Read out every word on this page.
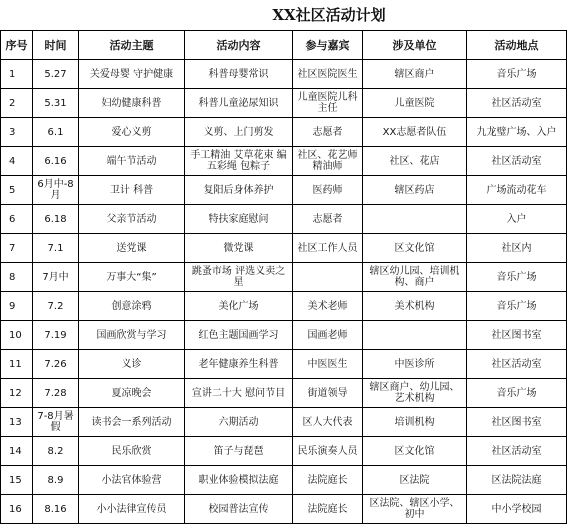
XX社区活动计划
序号	时间	活动主题	活动内容	参与嘉宾	涉及单位	活动地点
1	5.27	关爱母婴 守护健康	科普母婴常识	社区医院医生	辖区商户	音乐广场
2	5.31	妇幼健康科普	科普儿童泌尿知识	儿童医院儿科主任	儿童医院	社区活动室
3	6.1	爱心义剪	义剪、上门剪发	志愿者	XX志愿者队伍	九龙璧广场、入户
4	6.16	端午节活动	手工精油 艾草花束 编五彩绳 包粽子	社区、花艺师 精油师	社区、花店	社区活动室
5	6月中-8月	卫计 科普	复阳后身体养护	医药师	辖区药店	广场流动花车
6	6.18	父亲节活动	特扶家庭慰问	志愿者		入户
7	7.1	送党课	微党课	社区工作人员	区文化馆	社区内
8	7月中	万事大“集”	跳蚤市场 评选义卖之星		辖区幼儿园、培训机构、商户	音乐广场
9	7.2	创意涂鸦	美化广场	美术老师	美术机构	音乐广场
10	7.19	国画欣赏与学习	红色主题国画学习	国画老师		社区图书室
11	7.26	义诊	老年健康养生科普	中医医生	中医诊所	社区活动室
12	7.28	夏凉晚会	宣讲二十大 慰问节目	街道领导	辖区商户、幼儿园、艺术机构	音乐广场
13	7-8月暑假	读书会一系列活动	六期活动	区人大代表	培训机构	社区图书室
14	8.2	民乐欣赏	笛子与琵琶	民乐演奏人员	区文化馆	社区活动室
15	8.9	小法官体验营	职业体验模拟法庭	法院庭长	区法院	区法院法庭
16	8.16	小小法律宣传员	校园普法宣传	法院庭长	区法院、辖区小学、初中	中小学校园
